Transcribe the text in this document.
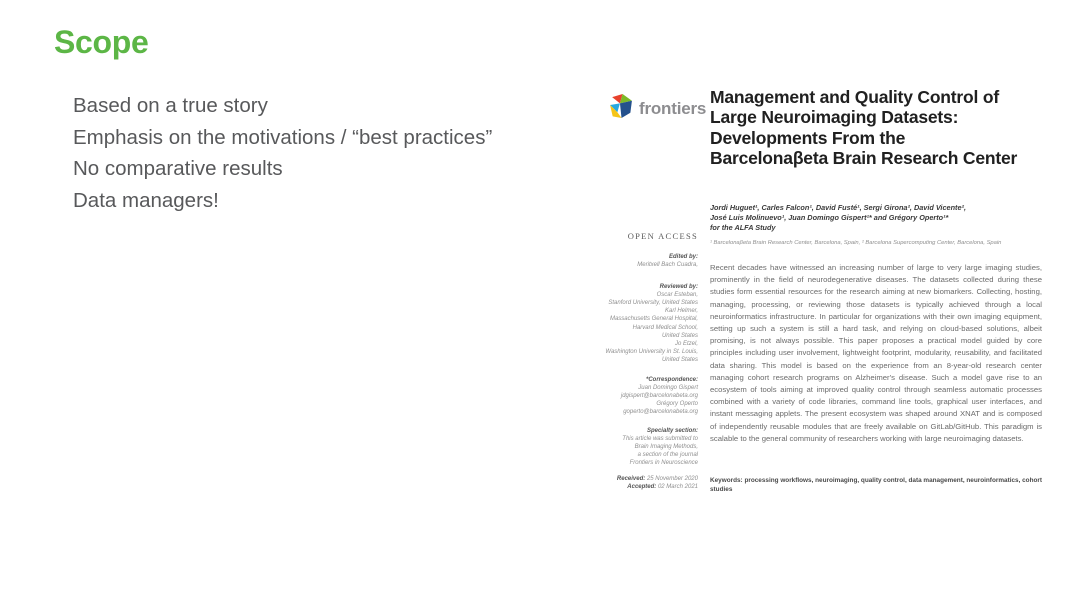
Scope
Based on a true story
Emphasis on the motivations / “best practices”
No comparative results
Data managers!
frontiers
Management and Quality Control of Large Neuroimaging Datasets: Developments From the Barcelonaβeta Brain Research Center
Jordi Huguet¹, Carles Falcon¹, David Fusté¹, Sergi Girona², David Vicente²,
José Luis Molinuevo¹, Juan Domingo Gispert¹* and Grégory Operto¹*
for the ALFA Study
¹ Barcelonaβeta Brain Research Center, Barcelona, Spain, ² Barcelona Supercomputing Center, Barcelona, Spain
OPEN ACCESS
Edited by:
Meritxell Bach Cuadra,
Reviewed by:
Oscar Esteban,
Stanford University, United States
Karl Helmer,
Massachusetts General Hospital,
Harvard Medical School,
United States
Jo Etzel,
Washington University in St. Louis,
United States
*Correspondence:
Juan Domingo Gispert
jdgispert@barcelonabeta.org
Grégory Operto
goperto@barcelonabeta.org
Specialty section:
This article was submitted to
Brain Imaging Methods,
a section of the journal
Frontiers in Neuroscience
Received: 25 November 2020
Accepted: 02 March 2021
Recent decades have witnessed an increasing number of large to very large imaging studies, prominently in the field of neurodegenerative diseases. The datasets collected during these studies form essential resources for the research aiming at new biomarkers. Collecting, hosting, managing, processing, or reviewing those datasets is typically achieved through a local neuroinformatics infrastructure. In particular for organizations with their own imaging equipment, setting up such a system is still a hard task, and relying on cloud-based solutions, albeit promising, is not always possible. This paper proposes a practical model guided by core principles including user involvement, lightweight footprint, modularity, reusability, and facilitated data sharing. This model is based on the experience from an 8-year-old research center managing cohort research programs on Alzheimer's disease. Such a model gave rise to an ecosystem of tools aiming at improved quality control through seamless automatic processes combined with a variety of code libraries, command line tools, graphical user interfaces, and instant messaging applets. The present ecosystem was shaped around XNAT and is composed of independently reusable modules that are freely available on GitLab/GitHub. This paradigm is scalable to the general community of researchers working with large neuroimaging datasets.
Keywords: processing workflows, neuroimaging, quality control, data management, neuroinformatics, cohort studies
